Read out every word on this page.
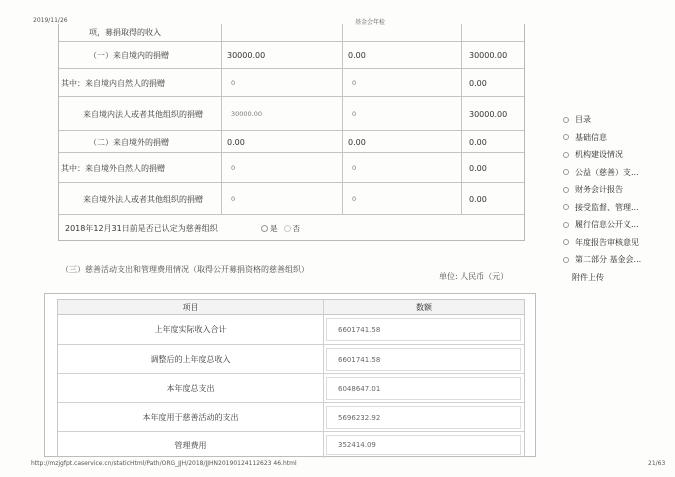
2019/11/26	基金会年检
项，募捐取得的收入
（一）来自境内的捐赠	30000.00	0.00	30000.00
其中：来自境内自然人的捐赠	0	0	0.00
来自境内法人或者其他组织的捐赠	30000.00	0	30000.00
（二）来自境外的捐赠	0.00	0.00	0.00
其中：来自境外自然人的捐赠	0	0	0.00
来自境外法人或者其他组织的捐赠	0	0	0.00
2018年12月31日前是否已认定为慈善组织	是 否
（三）慈善活动支出和管理费用情况（取得公开募捐资格的慈善组织）
单位: 人民币（元）
项目	数额
上年度实际收入合计	6601741.58
调整后的上年度总收入	6601741.58
本年度总支出	6048647.01
本年度用于慈善活动的支出	5696232.92
管理费用	352414.09
目录
基础信息
机构建设情况
公益（慈善）支...
财务会计报告
接受监督、管理...
履行信息公开义...
年度报告审核意见
第二部分 基金会...
附件上传
http://mzjgfpt.caservice.cn/staticHtml/Path/ORG_JJH/2018/JJHN20190124112623 46.html	21/63
